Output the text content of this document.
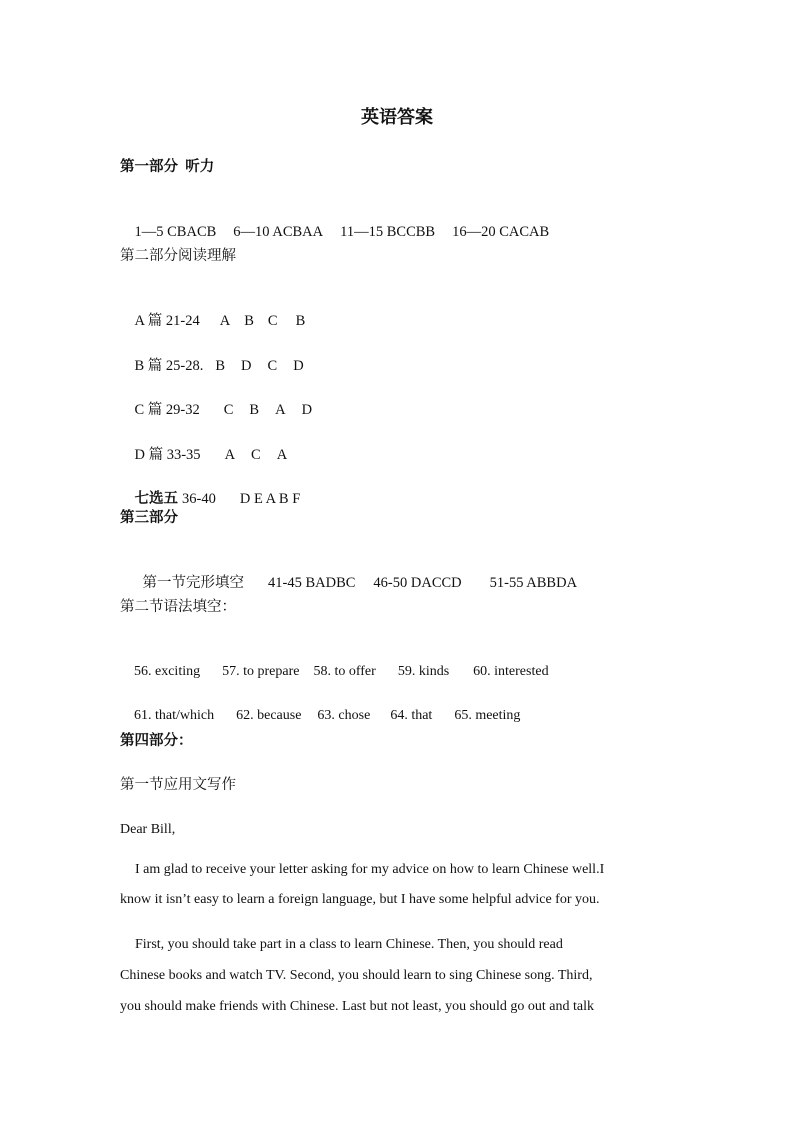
英语答案
第一部分  听力

1—5 CBACB 6—10 ACBAA 11—15 BCCBB 16—20 CACAB

第二部分阅读理解

A 篇 21-24 A B C B

B 篇 25-28. B D C D

C 篇 29-32 C B A D

D 篇 33-35 A C A

七选五 36-40 D E A B F

第三部分

第一节完形填空 41-45 BADBC 46-50 DACCD 51-55 ABBDA

第二节语法填空：

56. exciting 57. to prepare 58. to offer 59. kinds 60. interested

61. that/which 62. because 63. chose 64. that 65. meeting

第四部分：
第一节应用文写作
Dear Bill,
I am glad to receive your letter asking for my advice on how to learn Chinese well.I
know it isn’t easy to learn a foreign language, but I have some helpful advice for you.
First, you should take part in a class to learn Chinese. Then, you should read
Chinese books and watch TV. Second, you should learn to sing Chinese song. Third,
you should make friends with Chinese. Last but not least, you should go out and talk
